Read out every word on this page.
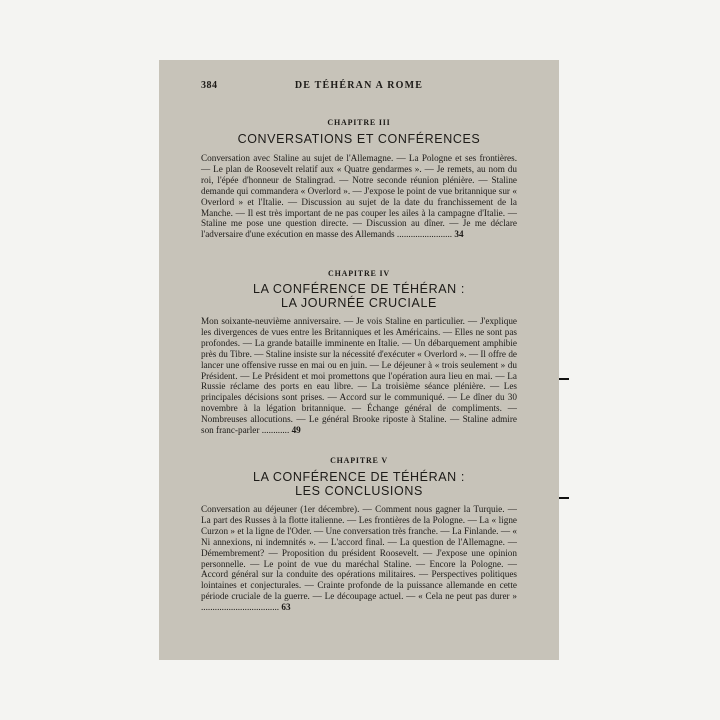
384	DE TÉHÉRAN A ROME
CHAPITRE III
CONVERSATIONS ET CONFÉRENCES

Conversation avec Staline au sujet de l'Allemagne. — La Pologne et ses frontières. — Le plan de Roosevelt relatif aux « Quatre gendarmes ». — Je remets, au nom du roi, l'épée d'honneur de Stalingrad. — Notre seconde réunion plénière. — Staline demande qui commandera « Overlord ». — J'expose le point de vue britannique sur « Overlord » et l'Italie. — Discussion au sujet de la date du franchissement de la Manche. — Il est très important de ne pas couper les ailes à la campagne d'Italie. — Staline me pose une question directe. — Discussion au dîner. — Je me déclare l'adversaire d'une exécution en masse des Allemands ........................ 34

CHAPITRE IV
LA CONFÉRENCE DE TÉHÉRAN :
LA JOURNÉE CRUCIALE

Mon soixante-neuvième anniversaire. — Je vois Staline en particulier. — J'explique les divergences de vues entre les Britanniques et les Américains. — Elles ne sont pas profondes. — La grande bataille imminente en Italie. — Un débarquement amphibie près du Tibre. — Staline insiste sur la nécessité d'exécuter « Overlord ». — Il offre de lancer une offensive russe en mai ou en juin. — Le déjeuner à « trois seulement » du Président. — Le Président et moi promettons que l'opération aura lieu en mai. — La Russie réclame des ports en eau libre. — La troisième séance plénière. — Les principales décisions sont prises. — Accord sur le communiqué. — Le dîner du 30 novembre à la légation britannique. — Échange général de compliments. — Nombreuses allocutions. — Le général Brooke riposte à Staline. — Staline admire son franc-parler ............ 49

CHAPITRE V
LA CONFÉRENCE DE TÉHÉRAN :
LES CONCLUSIONS

Conversation au déjeuner (1er décembre). — Comment nous gagner la Turquie. — La part des Russes à la flotte italienne. — Les frontières de la Pologne. — La « ligne Curzon » et la ligne de l'Oder. — Une conversation très franche. — La Finlande. — « Ni annexions, ni indemnités ». — L'accord final. — La question de l'Allemagne. — Démembrement? — Proposition du président Roosevelt. — J'expose une opinion personnelle. — Le point de vue du maréchal Staline. — Encore la Pologne. — Accord général sur la conduite des opérations militaires. — Perspectives politiques lointaines et conjecturales. — Crainte profonde de la puissance allemande en cette période cruciale de la guerre. — Le découpage actuel. — « Cela ne peut pas durer » .................................. 63
